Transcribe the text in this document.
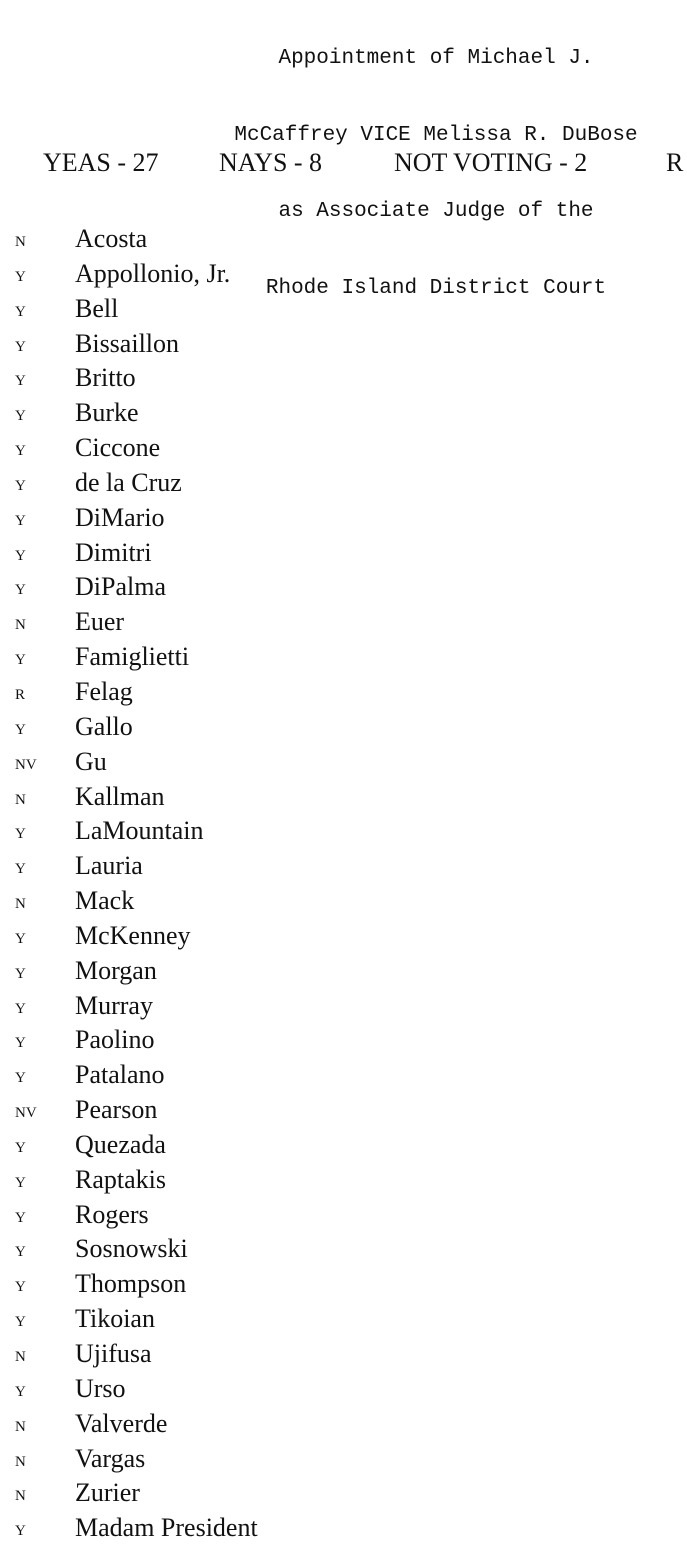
Appointment of Michael J.

McCaffrey VICE Melissa R. DuBose

as Associate Judge of the

Rhode Island District Court

YEAS - 27 NAYS - 8	NOT VOTING - 2	R
N Acosta
Y Appollonio, Jr.
Y Bell
Y Bissaillon
Y Britto
Y Burke
Y Ciccone
Y de la Cruz
Y DiMario
Y Dimitri
Y DiPalma
N Euer
Y Famiglietti
R Felag
Y Gallo
NV Gu
N Kallman
Y LaMountain
Y Lauria
N Mack
Y McKenney
Y Morgan
Y Murray
Y Paolino
Y Patalano
NV Pearson
Y Quezada
Y Raptakis
Y Rogers
Y Sosnowski
Y Thompson
Y Tikoian
N Ujifusa
Y Urso
N Valverde
N Vargas
N Zurier
Y Madam President
